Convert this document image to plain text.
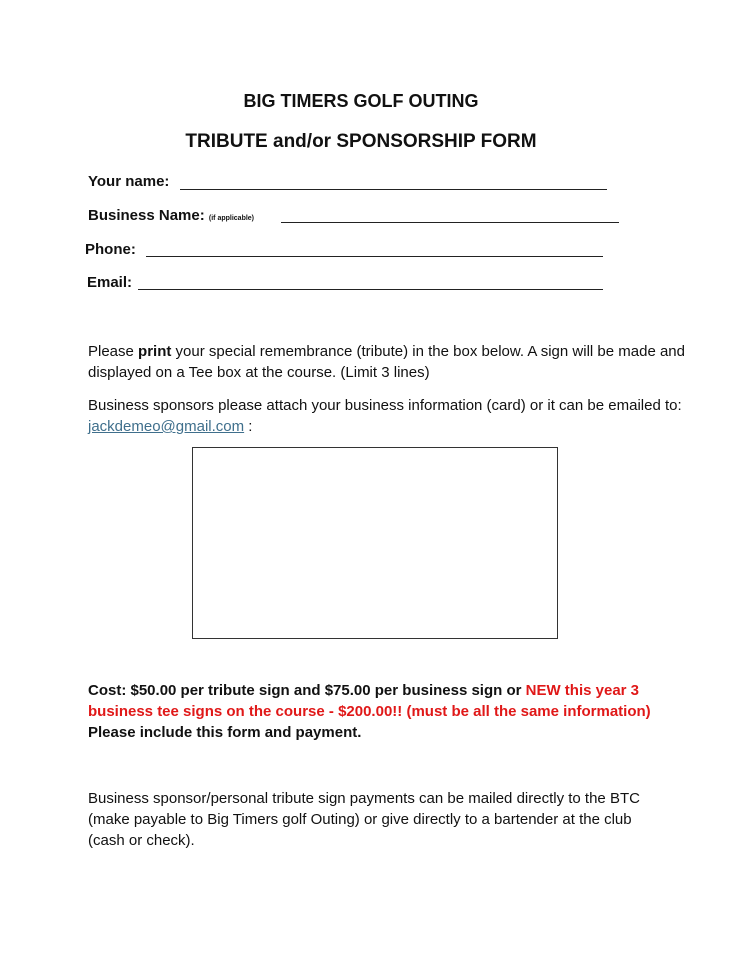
BIG TIMERS GOLF OUTING
TRIBUTE and/or SPONSORSHIP FORM
Your name:
Business Name: (if applicable)
Phone:
Email:
Please print your special remembrance (tribute) in the box below. A sign will be made and displayed on a Tee box at the course. (Limit 3 lines)
Business sponsors please attach your business information (card) or it can be emailed to: jackdemeo@gmail.com :
Cost: $50.00 per tribute sign and $75.00 per business sign or NEW this year 3 business tee signs on the course - $200.00!! (must be all the same information) Please include this form and payment.
Business sponsor/personal tribute sign payments can be mailed directly to the BTC (make payable to Big Timers golf Outing) or give directly to a bartender at the club (cash or check).
